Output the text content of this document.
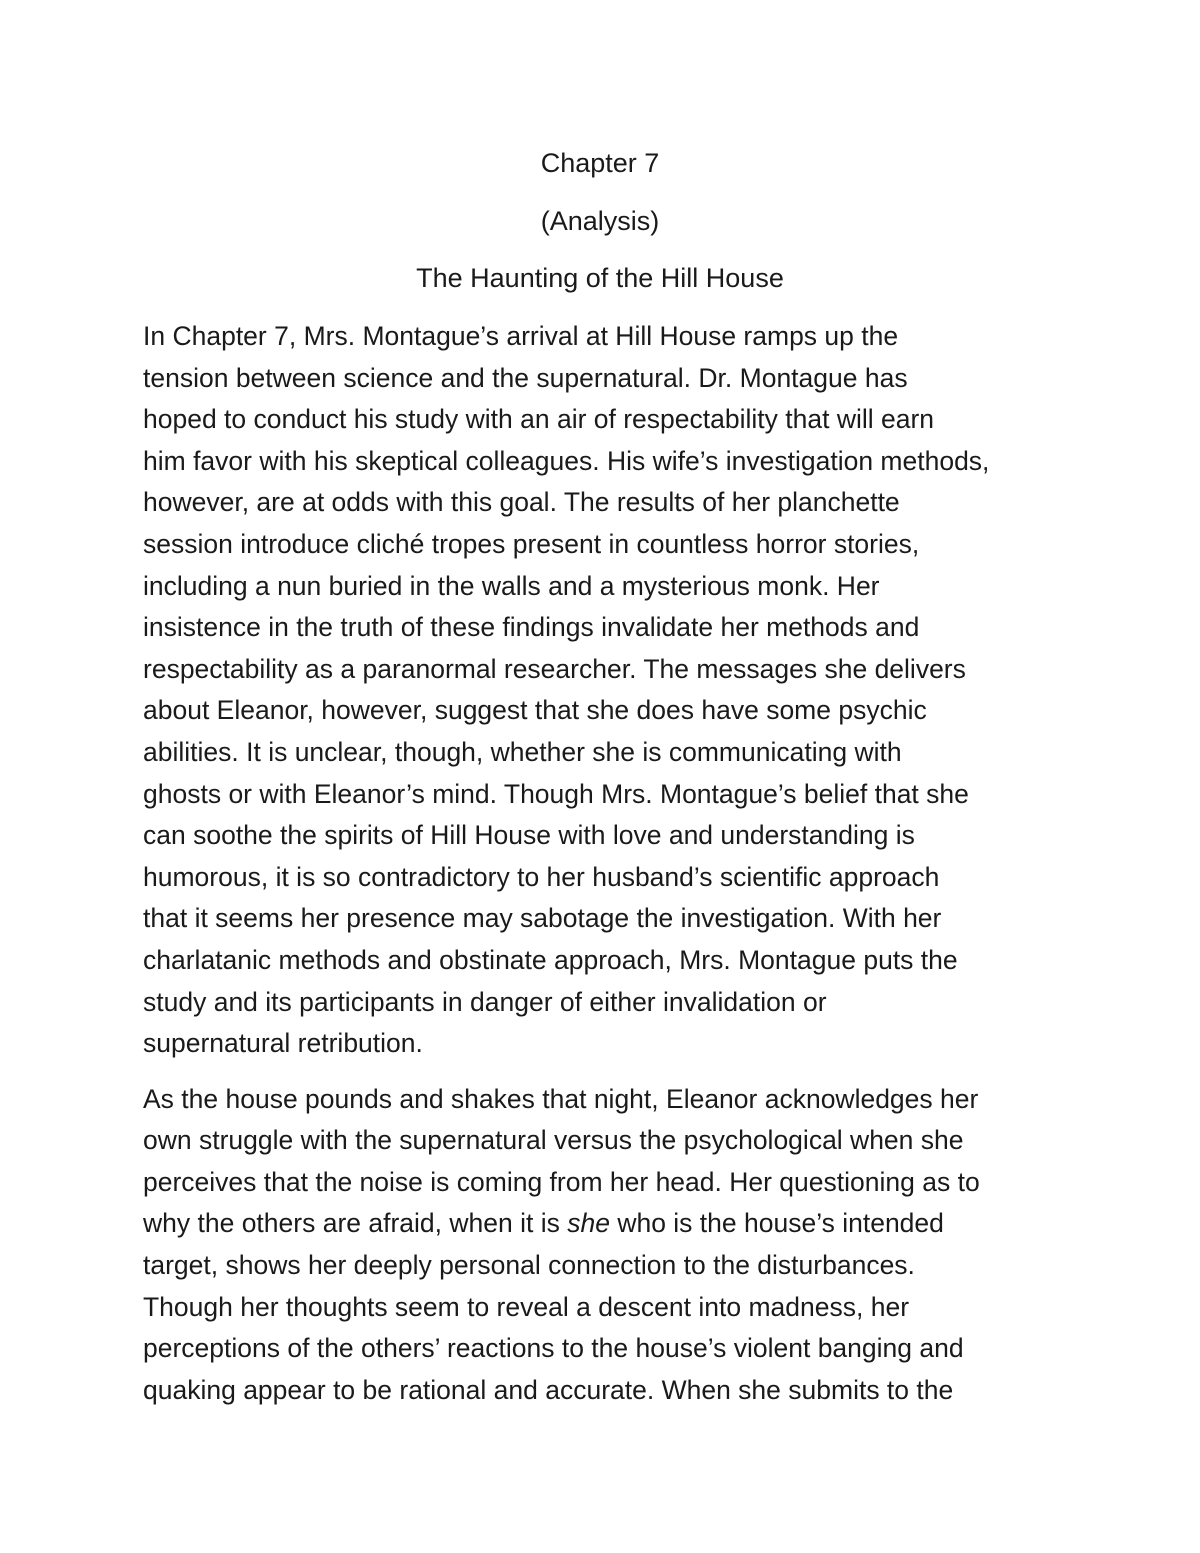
Chapter 7
(Analysis)
The Haunting of the Hill House

In Chapter 7, Mrs. Montague’s arrival at Hill House ramps up the
tension between science and the supernatural. Dr. Montague has
hoped to conduct his study with an air of respectability that will earn
him favor with his skeptical colleagues. His wife’s investigation methods,
however, are at odds with this goal. The results of her planchette
session introduce cliché tropes present in countless horror stories,
including a nun buried in the walls and a mysterious monk. Her
insistence in the truth of these findings invalidate her methods and
respectability as a paranormal researcher. The messages she delivers
about Eleanor, however, suggest that she does have some psychic
abilities. It is unclear, though, whether she is communicating with
ghosts or with Eleanor’s mind. Though Mrs. Montague’s belief that she
can soothe the spirits of Hill House with love and understanding is
humorous, it is so contradictory to her husband’s scientific approach
that it seems her presence may sabotage the investigation. With her
charlatanic methods and obstinate approach, Mrs. Montague puts the
study and its participants in danger of either invalidation or
supernatural retribution.

As the house pounds and shakes that night, Eleanor acknowledges her
own struggle with the supernatural versus the psychological when she
perceives that the noise is coming from her head. Her questioning as to
why the others are afraid, when it is she who is the house’s intended
target, shows her deeply personal connection to the disturbances.
Though her thoughts seem to reveal a descent into madness, her
perceptions of the others’ reactions to the house’s violent banging and
quaking appear to be rational and accurate. When she submits to the
